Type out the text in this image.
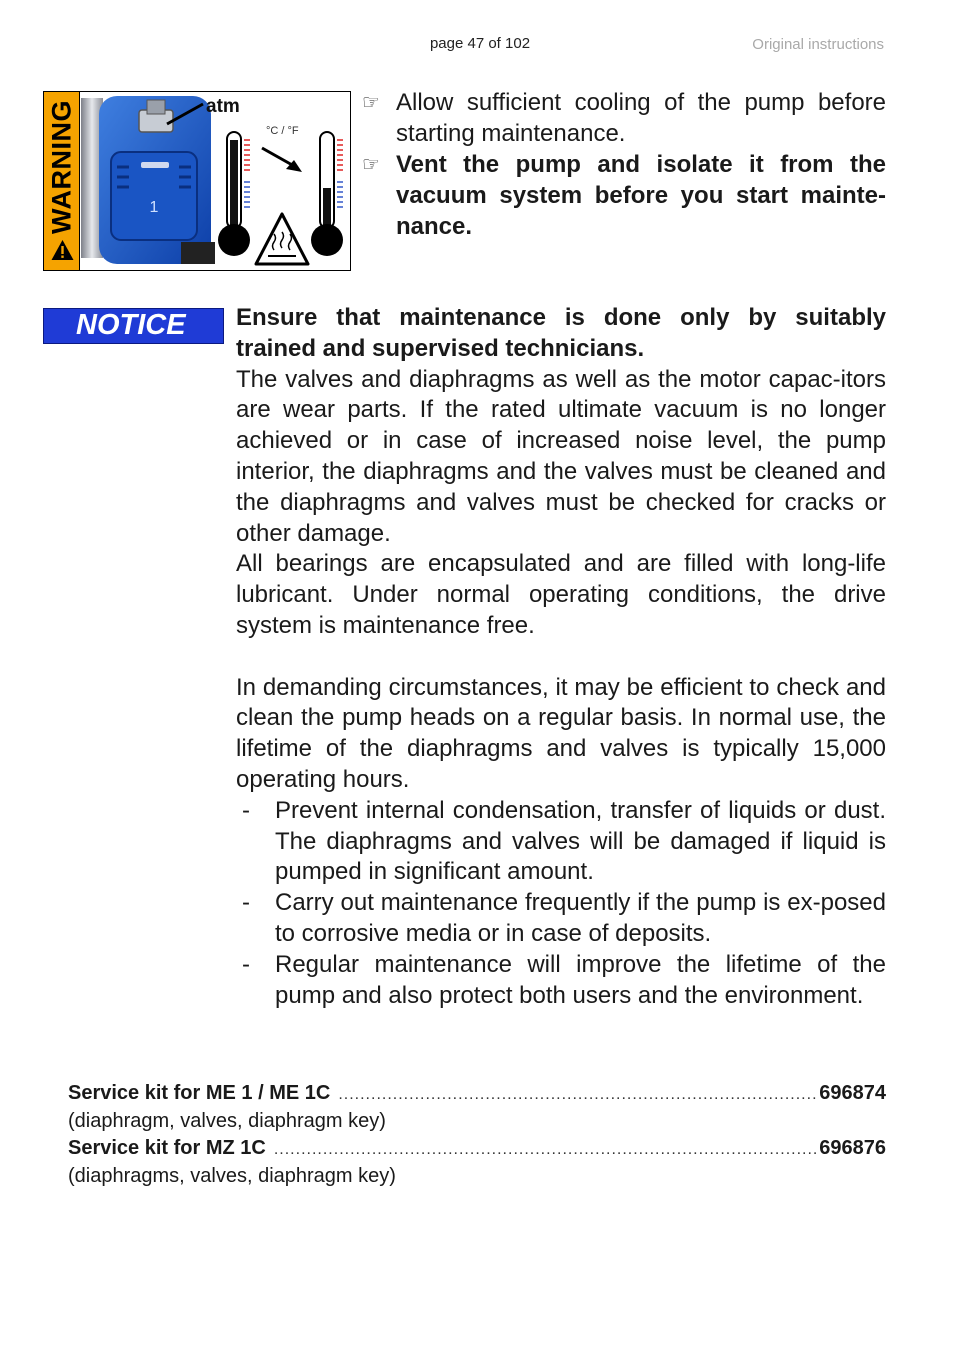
page 47 of 102	Original instructions
WARNING	1
atm
°C / °F
☞ Allow sufficient cooling of the pump before starting maintenance.
☞ Vent the pump and isolate it from the vacuum system before you start mainte-nance.
NOTICE	Ensure that maintenance is done only by suitably trained and supervised technicians.

The valves and diaphragms as well as the motor capac-itors are wear parts. If the rated ultimate vacuum is no longer achieved or in case of increased noise level, the pump interior, the diaphragms and the valves must be cleaned and the diaphragms and valves must be checked for cracks or other damage.

All bearings are encapsulated and are filled with long-life lubricant. Under normal operating conditions, the drive system is maintenance free.

In demanding circumstances, it may be efficient to check and clean the pump heads on a regular basis. In normal use, the lifetime of the diaphragms and valves is typically 15,000 operating hours.

- Prevent internal condensation, transfer of liquids or dust. The diaphragms and valves will be damaged if liquid is pumped in significant amount.
- Carry out maintenance frequently if the pump is ex-posed to corrosive media or in case of deposits.
- Regular maintenance will improve the lifetime of the pump and also protect both users and the environment.
Service kit for ME 1 / ME 1C .....	696874
(diaphragm, valves, diaphragm key)
Service kit for MZ 1C .....	696876
(diaphragms, valves, diaphragm key)
